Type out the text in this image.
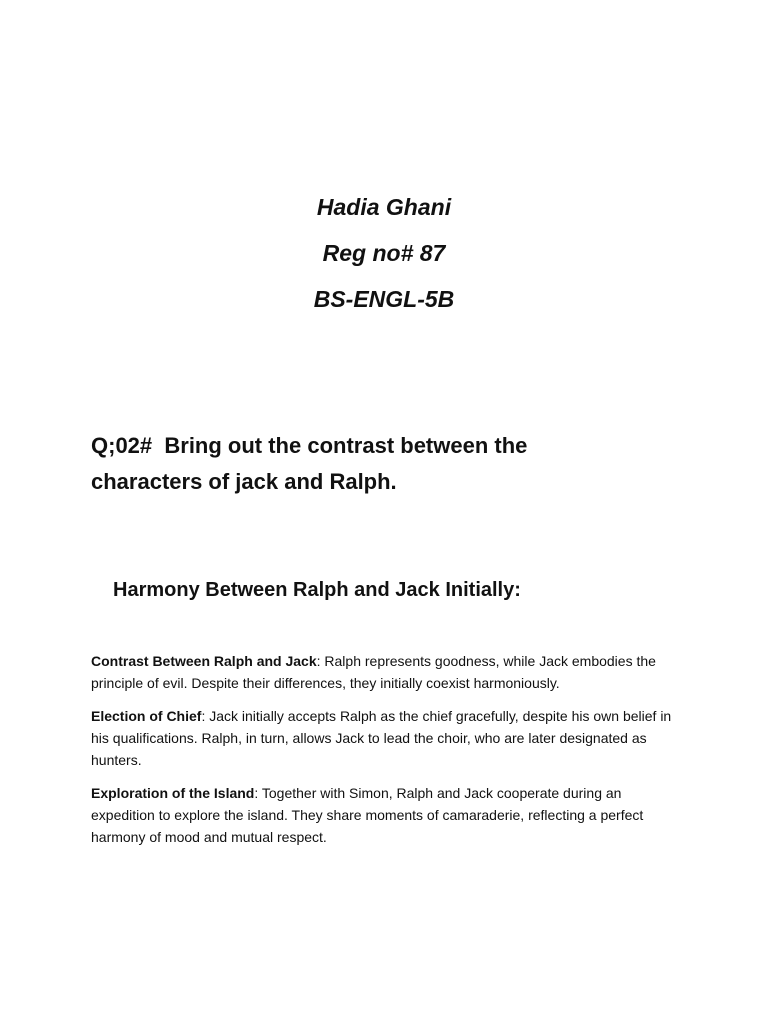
Hadia Ghani
Reg no# 87
BS-ENGL-5B
Q;02#  Bring out the contrast between the
characters of jack and Ralph.
Harmony Between Ralph and Jack Initially:

Contrast Between Ralph and Jack: Ralph represents goodness, while Jack embodies the principle of evil. Despite their differences, they initially coexist harmoniously.

Election of Chief: Jack initially accepts Ralph as the chief gracefully, despite his own belief in his qualifications. Ralph, in turn, allows Jack to lead the choir, who are later designated as hunters.

Exploration of the Island: Together with Simon, Ralph and Jack cooperate during an expedition to explore the island. They share moments of camaraderie, reflecting a perfect harmony of mood and mutual respect.
